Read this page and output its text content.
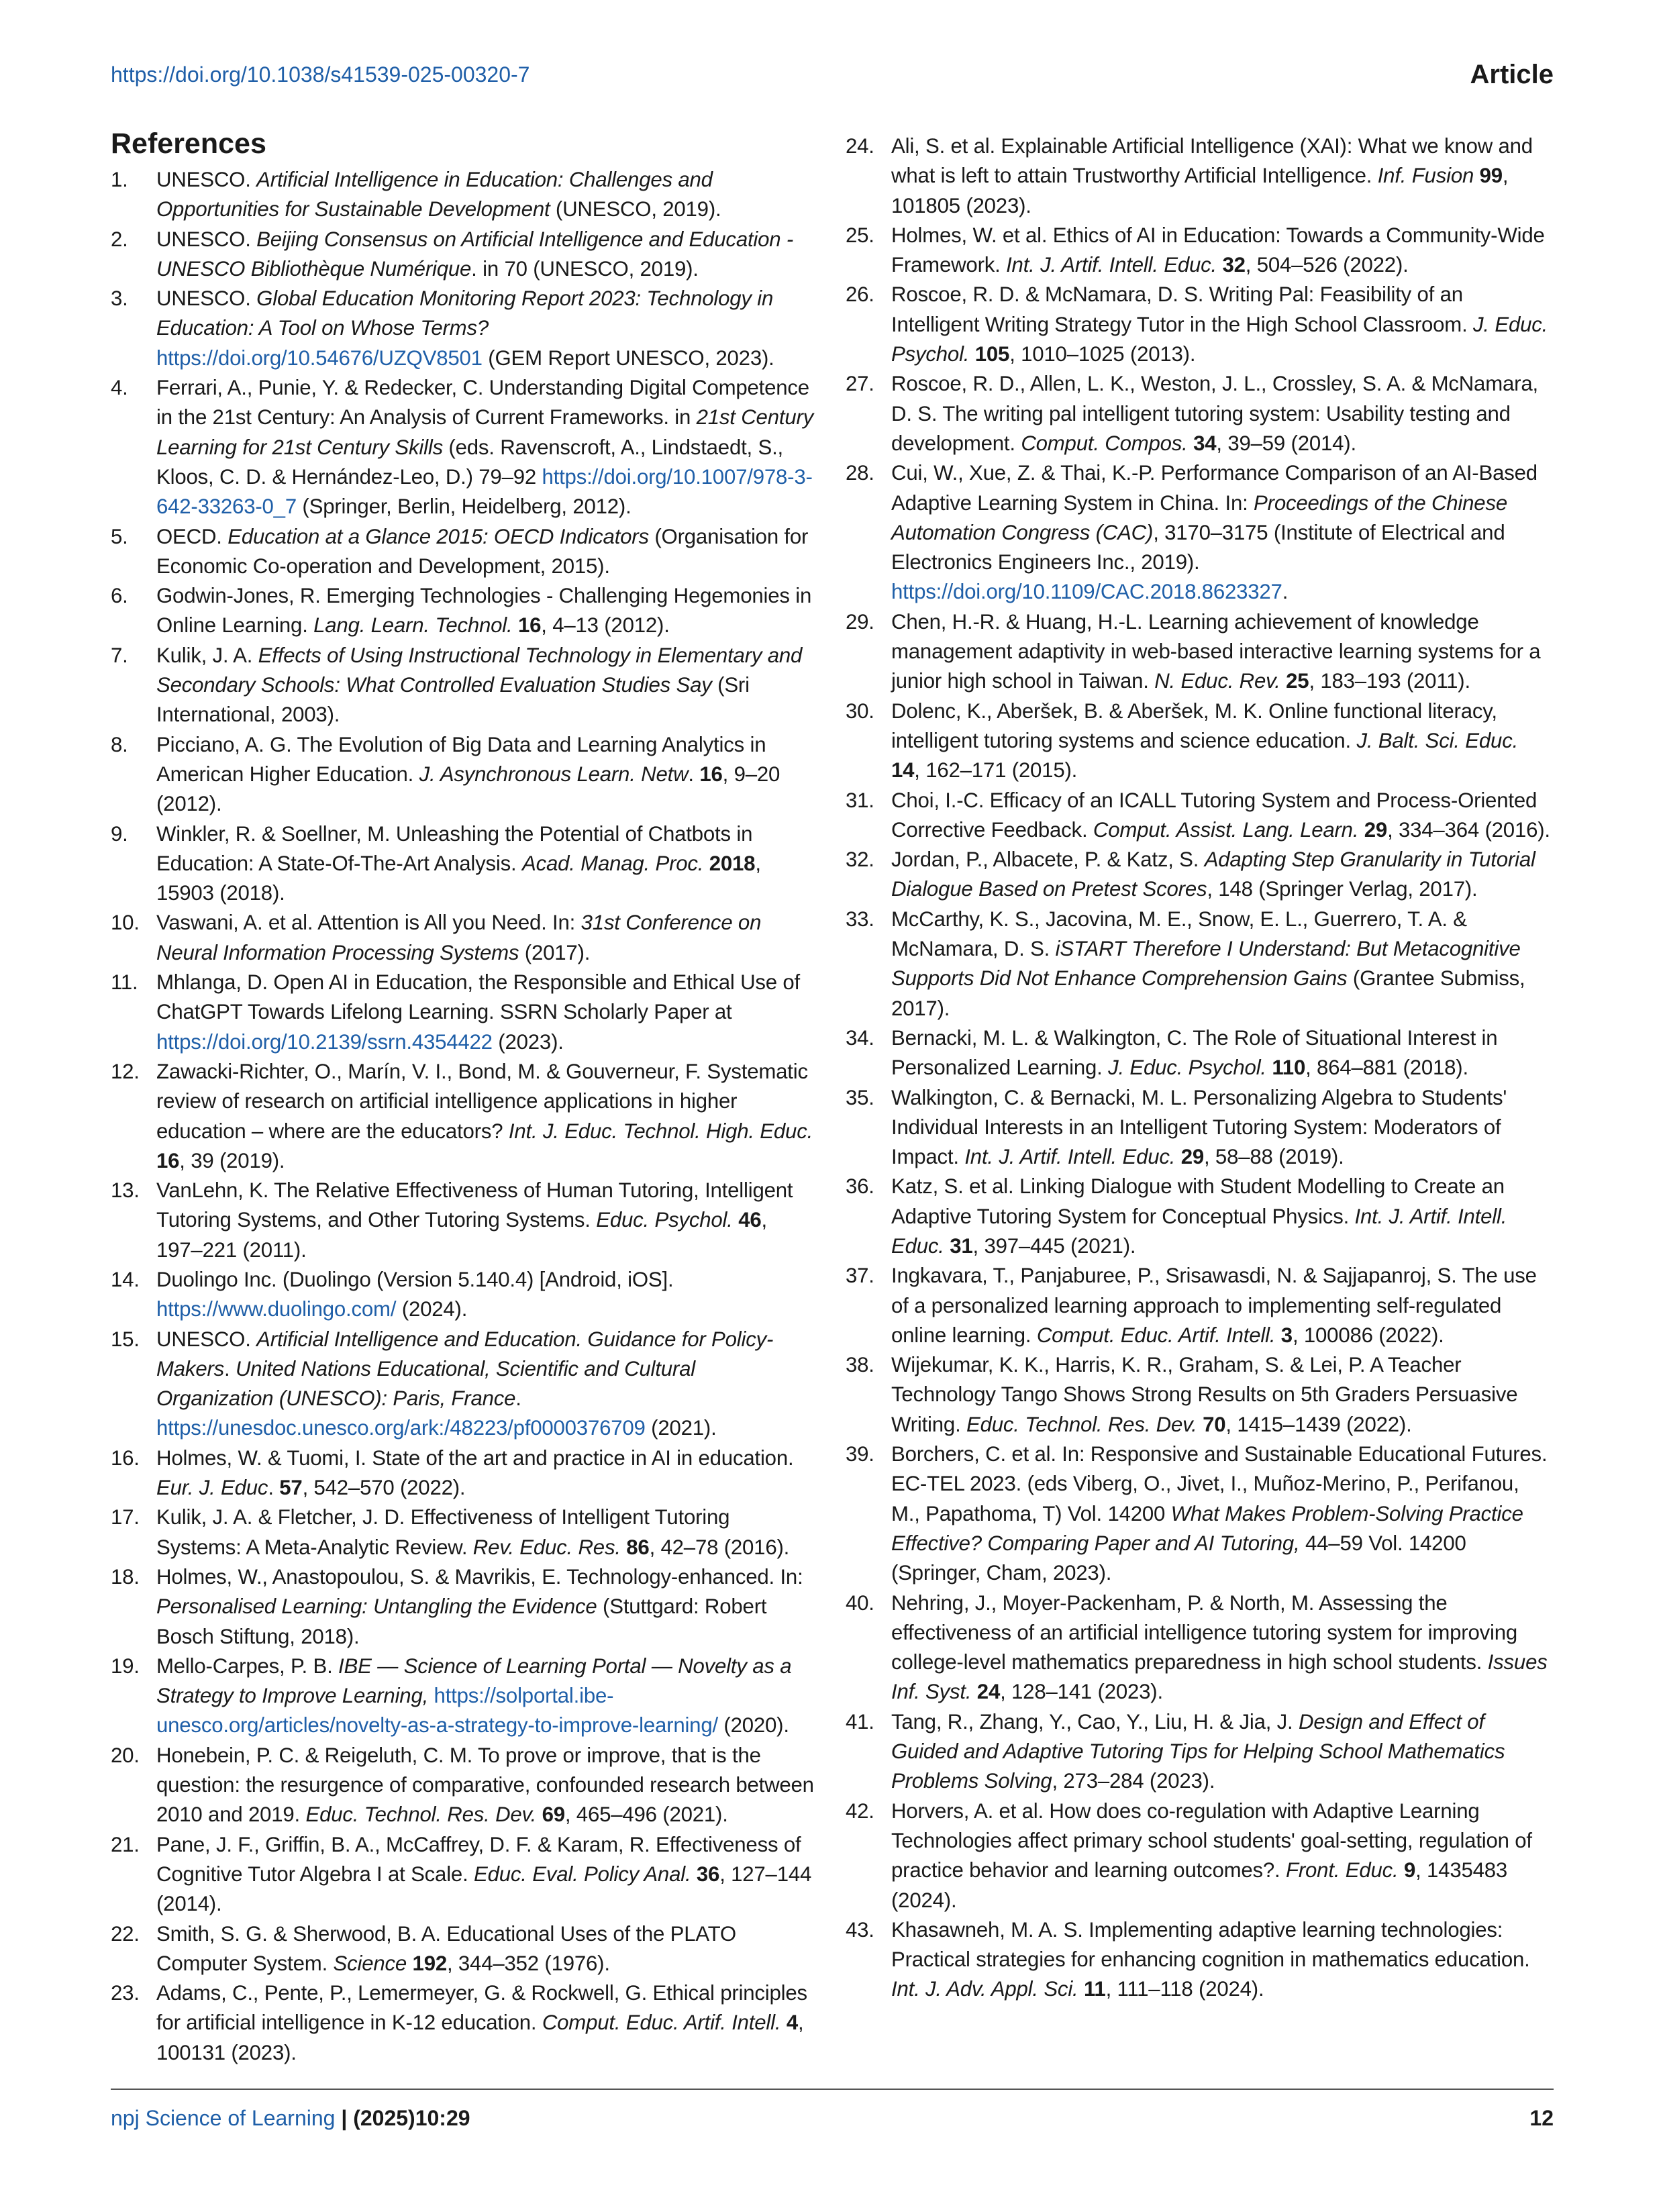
https://doi.org/10.1038/s41539-025-00320-7	Article
References
1. UNESCO. Artificial Intelligence in Education: Challenges and Opportunities for Sustainable Development (UNESCO, 2019).
2. UNESCO. Beijing Consensus on Artificial Intelligence and Education - UNESCO Bibliothèque Numérique. in 70 (UNESCO, 2019).
3. UNESCO. Global Education Monitoring Report 2023: Technology in Education: A Tool on Whose Terms? https://doi.org/10.54676/UZQV8501 (GEM Report UNESCO, 2023).
4. Ferrari, A., Punie, Y. & Redecker, C. Understanding Digital Competence in the 21st Century: An Analysis of Current Frameworks. in 21st Century Learning for 21st Century Skills (eds. Ravenscroft, A., Lindstaedt, S., Kloos, C. D. & Hernández-Leo, D.) 79–92 https://doi.org/10.1007/978-3-642-33263-0_7 (Springer, Berlin, Heidelberg, 2012).
5. OECD. Education at a Glance 2015: OECD Indicators (Organisation for Economic Co-operation and Development, 2015).
6. Godwin-Jones, R. Emerging Technologies - Challenging Hegemonies in Online Learning. Lang. Learn. Technol. 16, 4–13 (2012).
7. Kulik, J. A. Effects of Using Instructional Technology in Elementary and Secondary Schools: What Controlled Evaluation Studies Say (Sri International, 2003).
8. Picciano, A. G. The Evolution of Big Data and Learning Analytics in American Higher Education. J. Asynchronous Learn. Netw. 16, 9–20 (2012).
9. Winkler, R. & Soellner, M. Unleashing the Potential of Chatbots in Education: A State-Of-The-Art Analysis. Acad. Manag. Proc. 2018, 15903 (2018).
10. Vaswani, A. et al. Attention is All you Need. In: 31st Conference on Neural Information Processing Systems (2017).
11. Mhlanga, D. Open AI in Education, the Responsible and Ethical Use of ChatGPT Towards Lifelong Learning. SSRN Scholarly Paper at https://doi.org/10.2139/ssrn.4354422 (2023).
12. Zawacki-Richter, O., Marín, V. I., Bond, M. & Gouverneur, F. Systematic review of research on artificial intelligence applications in higher education – where are the educators? Int. J. Educ. Technol. High. Educ. 16, 39 (2019).
13. VanLehn, K. The Relative Effectiveness of Human Tutoring, Intelligent Tutoring Systems, and Other Tutoring Systems. Educ. Psychol. 46, 197–221 (2011).
14. Duolingo Inc. (Duolingo (Version 5.140.4) [Android, iOS]. https://www.duolingo.com/ (2024).
15. UNESCO. Artificial Intelligence and Education. Guidance for Policy-Makers. United Nations Educational, Scientific and Cultural Organization (UNESCO): Paris, France. https://unesdoc.unesco.org/ark:/48223/pf0000376709 (2021).
16. Holmes, W. & Tuomi, I. State of the art and practice in AI in education. Eur. J. Educ. 57, 542–570 (2022).
17. Kulik, J. A. & Fletcher, J. D. Effectiveness of Intelligent Tutoring Systems: A Meta-Analytic Review. Rev. Educ. Res. 86, 42–78 (2016).
18. Holmes, W., Anastopoulou, S. & Mavrikis, E. Technology-enhanced. In: Personalised Learning: Untangling the Evidence (Stuttgard: Robert Bosch Stiftung, 2018).
19. Mello-Carpes, P. B. IBE — Science of Learning Portal — Novelty as a Strategy to Improve Learning, https://solportal.ibe-unesco.org/articles/novelty-as-a-strategy-to-improve-learning/ (2020).
20. Honebein, P. C. & Reigeluth, C. M. To prove or improve, that is the question: the resurgence of comparative, confounded research between 2010 and 2019. Educ. Technol. Res. Dev. 69, 465–496 (2021).
21. Pane, J. F., Griffin, B. A., McCaffrey, D. F. & Karam, R. Effectiveness of Cognitive Tutor Algebra I at Scale. Educ. Eval. Policy Anal. 36, 127–144 (2014).
22. Smith, S. G. & Sherwood, B. A. Educational Uses of the PLATO Computer System. Science 192, 344–352 (1976).
23. Adams, C., Pente, P., Lemermeyer, G. & Rockwell, G. Ethical principles for artificial intelligence in K-12 education. Comput. Educ. Artif. Intell. 4, 100131 (2023).
24. Ali, S. et al. Explainable Artificial Intelligence (XAI): What we know and what is left to attain Trustworthy Artificial Intelligence. Inf. Fusion 99, 101805 (2023).
25. Holmes, W. et al. Ethics of AI in Education: Towards a Community-Wide Framework. Int. J. Artif. Intell. Educ. 32, 504–526 (2022).
26. Roscoe, R. D. & McNamara, D. S. Writing Pal: Feasibility of an Intelligent Writing Strategy Tutor in the High School Classroom. J. Educ. Psychol. 105, 1010–1025 (2013).
27. Roscoe, R. D., Allen, L. K., Weston, J. L., Crossley, S. A. & McNamara, D. S. The writing pal intelligent tutoring system: Usability testing and development. Comput. Compos. 34, 39–59 (2014).
28. Cui, W., Xue, Z. & Thai, K.-P. Performance Comparison of an AI-Based Adaptive Learning System in China. In: Proceedings of the Chinese Automation Congress (CAC), 3170–3175 (Institute of Electrical and Electronics Engineers Inc., 2019). https://doi.org/10.1109/CAC.2018.8623327.
29. Chen, H.-R. & Huang, H.-L. Learning achievement of knowledge management adaptivity in web-based interactive learning systems for a junior high school in Taiwan. N. Educ. Rev. 25, 183–193 (2011).
30. Dolenc, K., Aberšek, B. & Aberšek, M. K. Online functional literacy, intelligent tutoring systems and science education. J. Balt. Sci. Educ. 14, 162–171 (2015).
31. Choi, I.-C. Efficacy of an ICALL Tutoring System and Process-Oriented Corrective Feedback. Comput. Assist. Lang. Learn. 29, 334–364 (2016).
32. Jordan, P., Albacete, P. & Katz, S. Adapting Step Granularity in Tutorial Dialogue Based on Pretest Scores, 148 (Springer Verlag, 2017).
33. McCarthy, K. S., Jacovina, M. E., Snow, E. L., Guerrero, T. A. & McNamara, D. S. iSTART Therefore I Understand: But Metacognitive Supports Did Not Enhance Comprehension Gains (Grantee Submiss, 2017).
34. Bernacki, M. L. & Walkington, C. The Role of Situational Interest in Personalized Learning. J. Educ. Psychol. 110, 864–881 (2018).
35. Walkington, C. & Bernacki, M. L. Personalizing Algebra to Students' Individual Interests in an Intelligent Tutoring System: Moderators of Impact. Int. J. Artif. Intell. Educ. 29, 58–88 (2019).
36. Katz, S. et al. Linking Dialogue with Student Modelling to Create an Adaptive Tutoring System for Conceptual Physics. Int. J. Artif. Intell. Educ. 31, 397–445 (2021).
37. Ingkavara, T., Panjaburee, P., Srisawasdi, N. & Sajjapanroj, S. The use of a personalized learning approach to implementing self-regulated online learning. Comput. Educ. Artif. Intell. 3, 100086 (2022).
38. Wijekumar, K. K., Harris, K. R., Graham, S. & Lei, P. A Teacher Technology Tango Shows Strong Results on 5th Graders Persuasive Writing. Educ. Technol. Res. Dev. 70, 1415–1439 (2022).
39. Borchers, C. et al. In: Responsive and Sustainable Educational Futures. EC-TEL 2023. (eds Viberg, O., Jivet, I., Muñoz-Merino, P., Perifanou, M., Papathoma, T) Vol. 14200 What Makes Problem-Solving Practice Effective? Comparing Paper and AI Tutoring, 44–59 Vol. 14200 (Springer, Cham, 2023).
40. Nehring, J., Moyer-Packenham, P. & North, M. Assessing the effectiveness of an artificial intelligence tutoring system for improving college-level mathematics preparedness in high school students. Issues Inf. Syst. 24, 128–141 (2023).
41. Tang, R., Zhang, Y., Cao, Y., Liu, H. & Jia, J. Design and Effect of Guided and Adaptive Tutoring Tips for Helping School Mathematics Problems Solving, 273–284 (2023).
42. Horvers, A. et al. How does co-regulation with Adaptive Learning Technologies affect primary school students' goal-setting, regulation of practice behavior and learning outcomes?. Front. Educ. 9, 1435483 (2024).
43. Khasawneh, M. A. S. Implementing adaptive learning technologies: Practical strategies for enhancing cognition in mathematics education. Int. J. Adv. Appl. Sci. 11, 111–118 (2024).
npj Science of Learning | (2025)10:29	12
